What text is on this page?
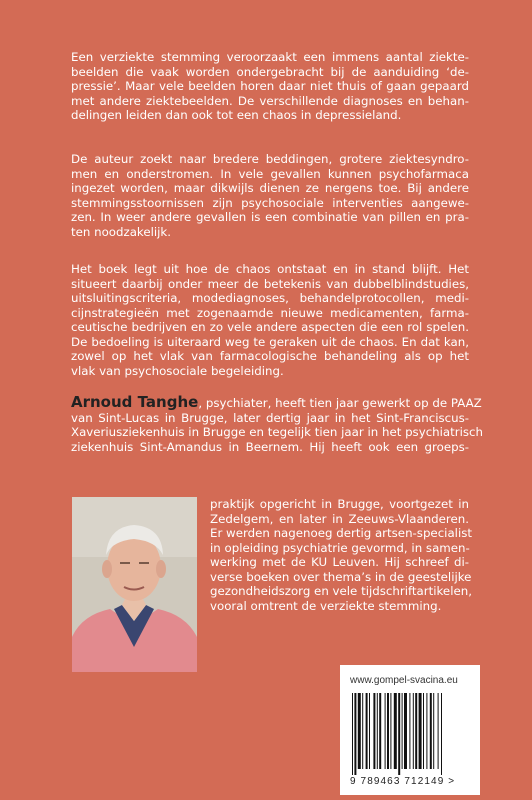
Een verziekte stemming veroorzaakt een immens aantal ziekte-
beelden die vaak worden ondergebracht bij de aanduiding ‘de-
pressie’. Maar vele beelden horen daar niet thuis of gaan gepaard
met andere ziektebeelden. De verschillende diagnoses en behan-
delingen leiden dan ook tot een chaos in depressieland.
De auteur zoekt naar bredere beddingen, grotere ziektesyndro-
men en onderstromen. In vele gevallen kunnen psychofarmaca
ingezet worden, maar dikwijls dienen ze nergens toe. Bij andere
stemmingsstoornissen zijn psychosociale interventies aangewe-
zen. In weer andere gevallen is een combinatie van pillen en pra-
ten noodzakelijk.
Het boek legt uit hoe de chaos ontstaat en in stand blijft. Het
situeert daarbij onder meer de betekenis van dubbelblindstudies,
uitsluitingscriteria, modediagnoses, behandelprotocollen, medi-
cijnstrategieën met zogenaamde nieuwe medicamenten, farma-
ceutische bedrijven en zo vele andere aspecten die een rol spelen.
De bedoeling is uiteraard weg te geraken uit de chaos. En dat kan,
zowel op het vlak van farmacologische behandeling als op het
vlak van psychosociale begeleiding.
Arnoud Tanghe, psychiater, heeft tien jaar gewerkt op de PAAZ
van Sint-Lucas in Brugge, later dertig jaar in het Sint-Franciscus-
Xaveriusziekenhuis in Brugge en tegelijk tien jaar in het psychiatrisch
ziekenhuis Sint-Amandus in Beernem. Hij heeft ook een groeps-
praktijk opgericht in Brugge, voortgezet in
Zedelgem, en later in Zeeuws-Vlaanderen.
Er werden nagenoeg dertig artsen-specialist
in opleiding psychiatrie gevormd, in samen-
werking met de KU Leuven. Hij schreef di-
verse boeken over thema’s in de geestelijke
gezondheidszorg en vele tijdschriftartikelen,
vooral omtrent de verziekte stemming.
www.gompel-svacina.eu
9 789463 712149 >
